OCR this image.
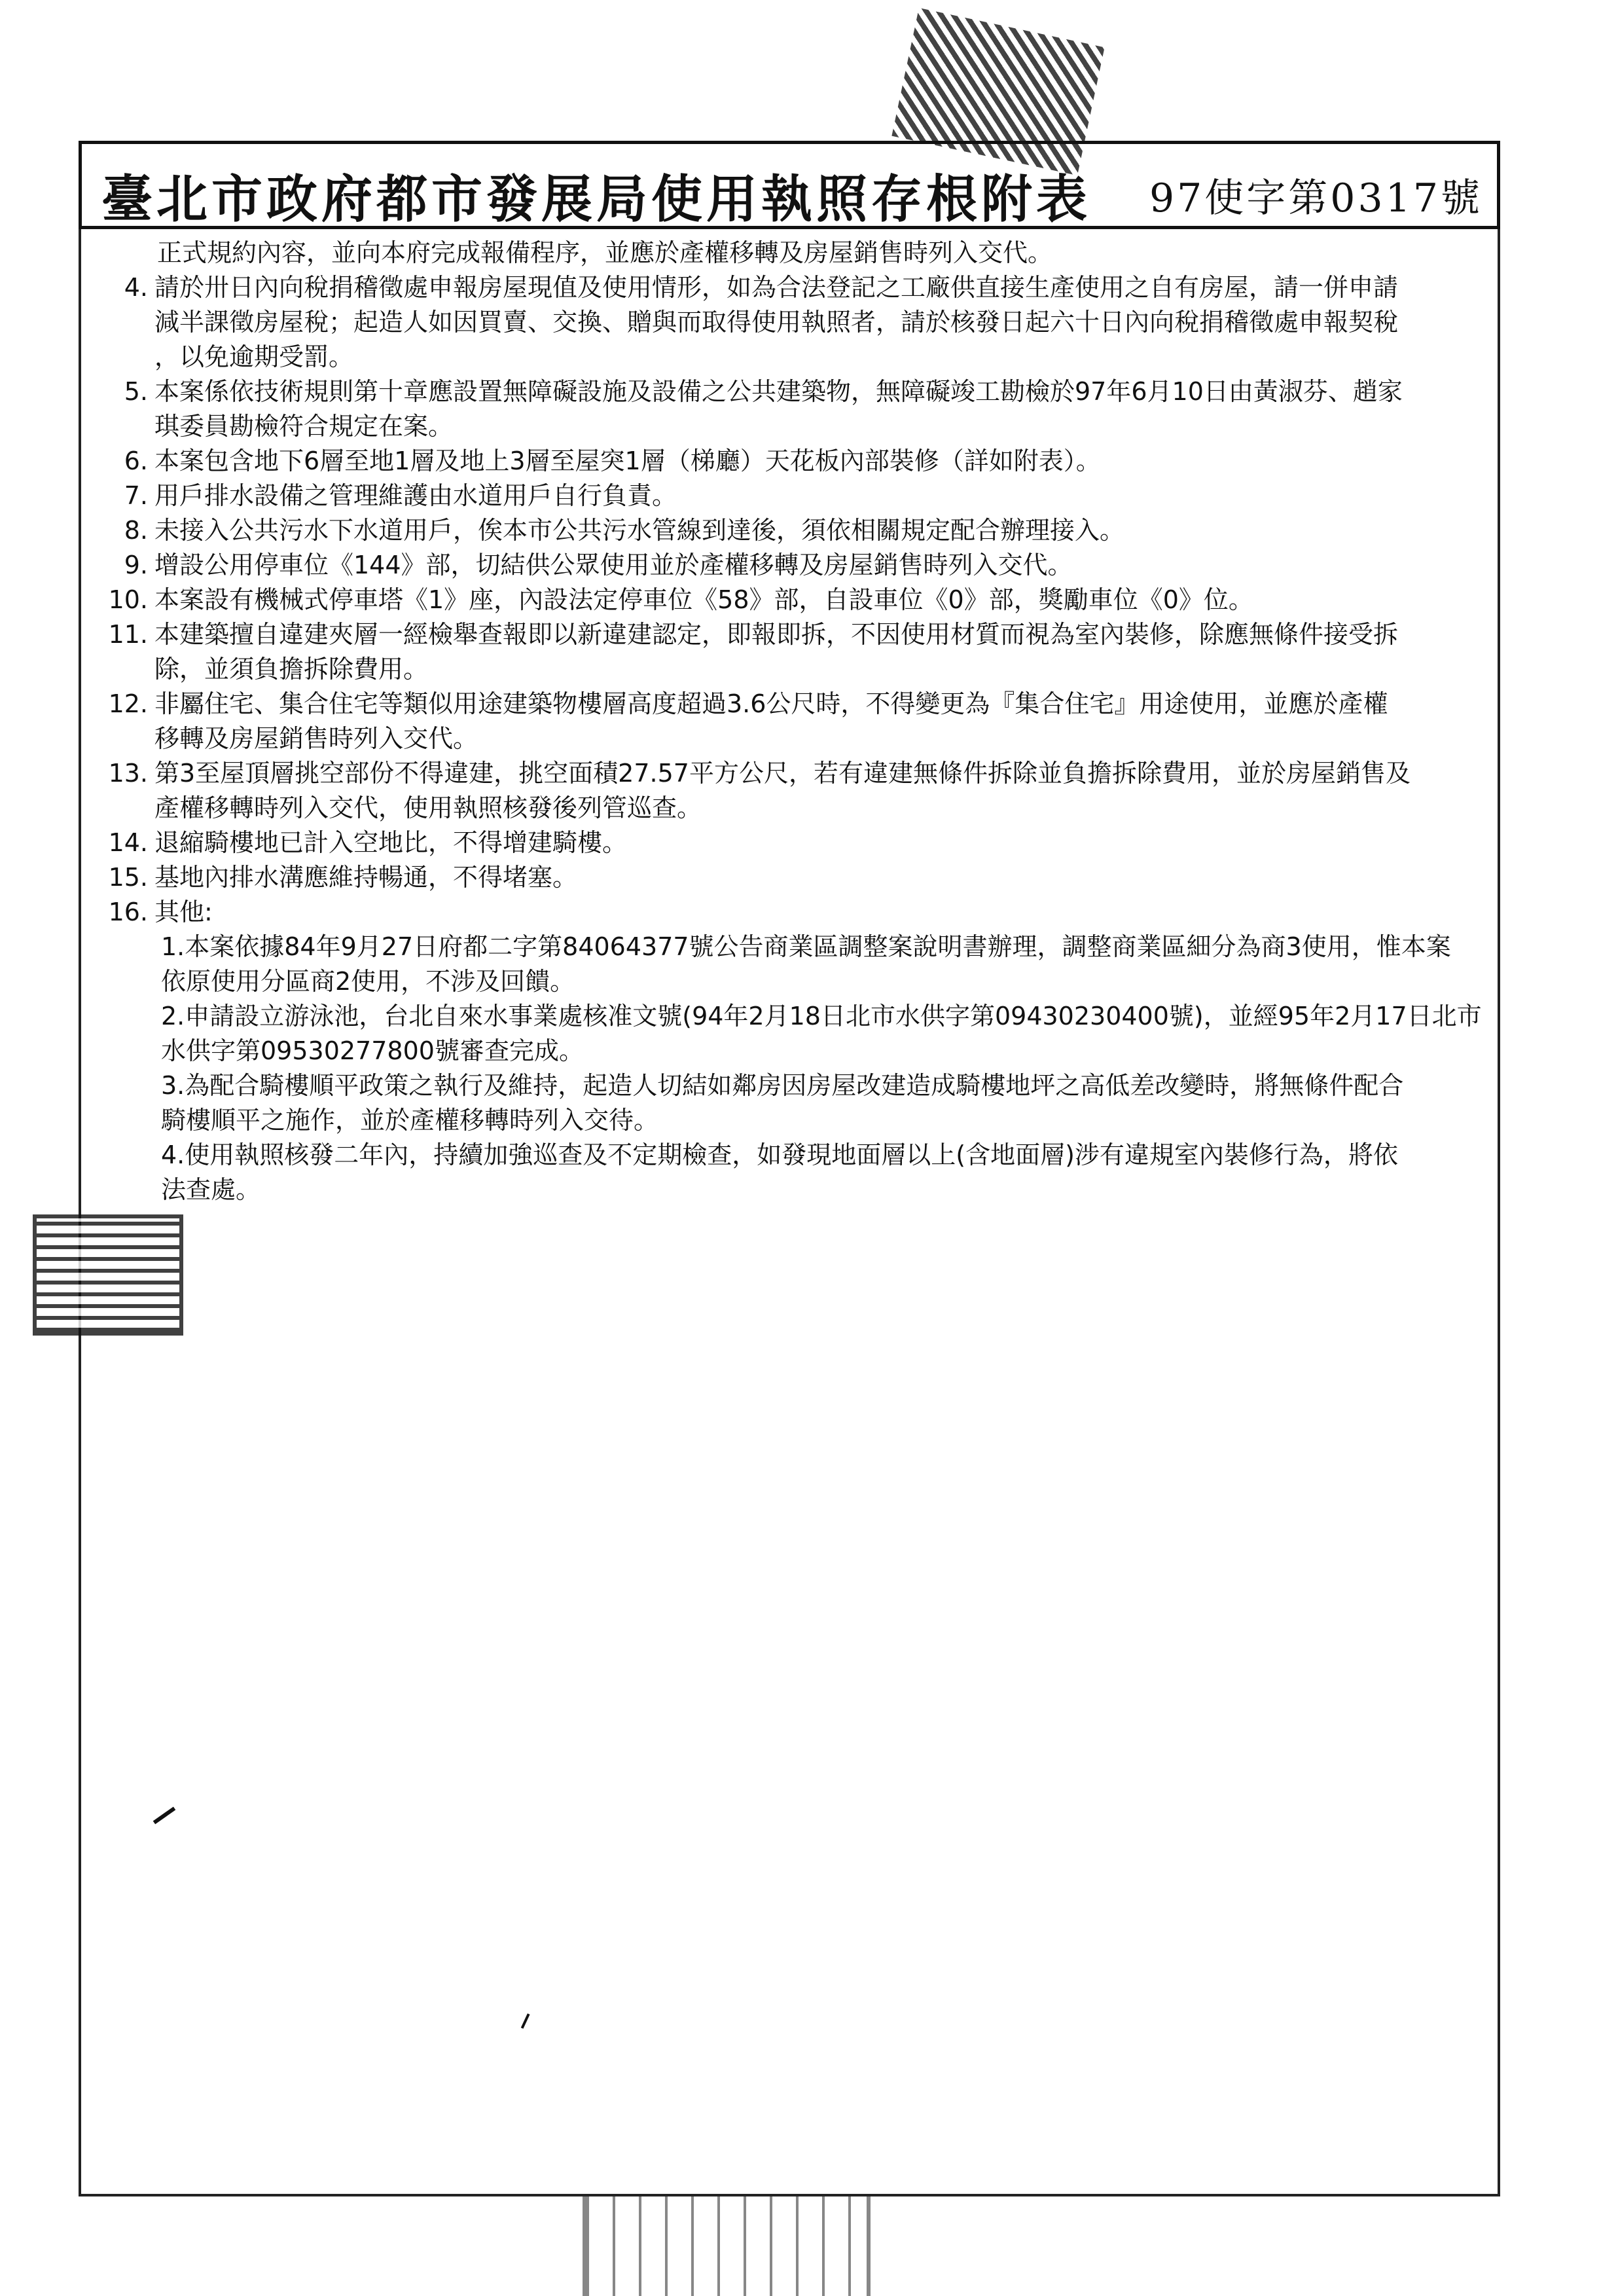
臺北市政府都市發展局使用執照存根附表 97使字第0317號
正式規約內容，並向本府完成報備程序，並應於產權移轉及房屋銷售時列入交代。
4. 請於卅日內向稅捐稽徵處申報房屋現值及使用情形，如為合法登記之工廠供直接生產使用之自有房屋，請一併申請
減半課徵房屋稅；起造人如因買賣、交換、贈與而取得使用執照者，請於核發日起六十日內向稅捐稽徵處申報契稅
，以免逾期受罰。
5. 本案係依技術規則第十章應設置無障礙設施及設備之公共建築物，無障礙竣工勘檢於97年6月10日由黃淑芬、趙家
琪委員勘檢符合規定在案。
6. 本案包含地下6層至地1層及地上3層至屋突1層（梯廳）天花板內部裝修（詳如附表）。
7. 用戶排水設備之管理維護由水道用戶自行負責。
8. 未接入公共污水下水道用戶，俟本市公共污水管線到達後，須依相關規定配合辦理接入。
9. 增設公用停車位《144》部，切結供公眾使用並於產權移轉及房屋銷售時列入交代。
10. 本案設有機械式停車塔《1》座，內設法定停車位《58》部，自設車位《0》部，獎勵車位《0》位。
11. 本建築擅自違建夾層一經檢舉查報即以新違建認定，即報即拆，不因使用材質而視為室內裝修，除應無條件接受拆
除，並須負擔拆除費用。
12. 非屬住宅、集合住宅等類似用途建築物樓層高度超過3.6公尺時，不得變更為『集合住宅』用途使用，並應於產權
移轉及房屋銷售時列入交代。
13. 第3至屋頂層挑空部份不得違建，挑空面積27.57平方公尺，若有違建無條件拆除並負擔拆除費用，並於房屋銷售及
產權移轉時列入交代，使用執照核發後列管巡查。
14. 退縮騎樓地已計入空地比，不得增建騎樓。
15. 基地內排水溝應維持暢通，不得堵塞。
16. 其他:
1.本案依據84年9月27日府都二字第84064377號公告商業區調整案說明書辦理，調整商業區細分為商3使用，惟本案
依原使用分區商2使用，不涉及回饋。
2.申請設立游泳池，台北自來水事業處核准文號(94年2月18日北市水供字第09430230400號)，並經95年2月17日北市
水供字第09530277800號審查完成。
3.為配合騎樓順平政策之執行及維持，起造人切結如鄰房因房屋改建造成騎樓地坪之高低差改變時，將無條件配合
騎樓順平之施作，並於產權移轉時列入交待。
4.使用執照核發二年內，持續加強巡查及不定期檢查，如發現地面層以上(含地面層)涉有違規室內裝修行為，將依
法查處。
